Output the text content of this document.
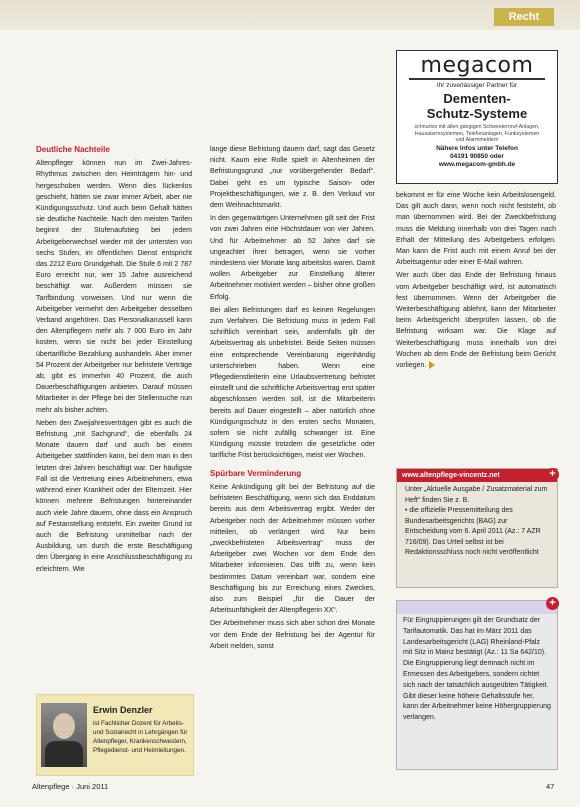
Recht
megacom
Ihr zuverlässiger Partner für
Dementen-
Schutz-Systeme
schnurlos mit allen gängigen Schwesternruf-Anlagen, Hausalarmsystemen, Telefonanlagen, Funksystemen und Alarmmeldern
Nähere Infos unter Telefon
04191 90850 oder
www.megacom-gmbh.de
Deutliche Nachteile

Altenpfleger können nun im Zwei-Jahres-Rhythmus zwischen den Heimträgern hin- und hergeschoben werden. Wenn dies lückenlos geschieht, hätten sie zwar immer Arbeit, aber nie Kündigungsschutz. Und auch beim Gehalt hätten sie deutliche Nachteile. Nach den meisten Tarifen beginnt der Stufenaufstieg bei jedem Arbeitgeberwechsel wieder mit der untersten von sechs Stufen, im öffentlichen Dienst entspricht das 2212 Euro Grundgehalt. Die Stufe 6 mit 2 787 Euro erreicht nur, wer 15 Jahre ausreichend beschäftigt war. Außerdem müssen sie Tarifbindung vorweisen. Und nur wenn die Arbeitgeber vermehrt den Arbeitgeber desselben Verband angehören. Das Personalkarussell kann den Altenpflegern mehr als 7 000 Euro im Jahr kosten, wenn sie nicht bei jeder Einstellung übertarifliche Bezahlung aushandeln. Aber immer 54 Prozent der Arbeitgeber nur befristete Verträge ab, gibt es immerhin 40 Prozent, die auch Dauerbeschäftigungen anbieten. Darauf müssen Mitarbeiter in der Pflege bei der Stellensuche nun mehr als bisher achten.

Neben den Zweijahresverträgen gibt es auch die Befristung „mit Sachgrund“, die ebenfalls 24 Monate dauern darf und auch bei einem Arbeitgeber stattfinden kann, bei dem man in den letzten drei Jahren beschäftigt war. Der häufigste Fall ist die Vertretung eines Arbeitnehmers, etwa während einer Krankheit oder der Elternzeit. Hier können mehrere Befristungen hintereinander auch viele Jahre dauern, ohne dass ein Anspruch auf Festanstellung entsteht. Ein zweiter Grund ist auch die Befristung unmittelbar nach der Ausbildung, um durch die erste Beschäftigung den Übergang in eine Anschlussbeschäftigung zu erleichtern. Wie

lange diese Befristung dauern darf, sagt das Gesetz nicht. Kaum eine Rolle spielt in Altenheimen der Befristungsgrund „nur vorübergehender Bedarf“. Dabei geht es um typische Saison- oder Projektbeschäftigungen, wie z. B. den Verkauf vor dem Weihnachtsmarkt.

In den gegenwärtigen Unternehmen gilt seit der Frist von zwei Jahren eine Höchstdauer von vier Jahren. Und für Arbeitnehmer ab 52 Jahre darf sie ungeachtet ihrer betragen, wenn sie vorher mindestens vier Monate lang arbeitslos waren. Damit wollen Arbeitgeber zur Einstellung älterer Arbeitnehmer motiviert werden – bisher ohne großen Erfolg.

Bei allen Befristungen darf es keinen Regelungen zum Verfahren. Die Befristung muss in jedem Fall schriftlich vereinbart sein, andernfalls gilt der Arbeitsvertrag als unbefristet. Beide Seiten müssen eine entsprechende Vereinbarung eigenhändig unterschrieben haben. Wenn eine Pflegedienstleiterin eine Urlaubsvertretung befristet einstellt und die schriftliche Arbeitsvertrag erst später abgeschlossen werden soll, ist die Mitarbeiterin bereits auf Dauer eingestellt – aber natürlich ohne Kündigungsschutz in den ersten sechs Monaten, sofern sie nicht zufällig schwanger ist. Eine Kündigung müsste trotzdem die gesetzliche oder tarifliche Frist berücksichtigen, meist vier Wochen.

Spürbare Verminderung

Keine Ankündigung gilt bei der Befristung auf die befristeten Beschäftigung, wenn sich das Enddatum bereits aus dem Arbeitsvertrag ergibt. Weder der Arbeitgeber noch der Arbeitnehmer müssen vorher mitteilen, ob verlängert wird. Nur beim „zweckbefristeten Arbeitsvertrag“ muss der Arbeitgeber zwei Wochen vor dem Ende den Mitarbeiter informieren. Das trifft zu, wenn kein bestimmtes Datum vereinbart war, sondern eine Beschäftigung bis zur Erreichung eines Zweckes, also zum Beispiel „für die Dauer der Arbeitsunfähigkeit der Altenpflegerin XX“.

Der Arbeitnehmer muss sich aber schon drei Monate vor dem Ende der Befristung bei der Agentur für Arbeit melden, sonst

bekommt er für eine Woche kein Arbeitslosengeld. Das gilt auch dann, wenn noch nicht feststeht, ob man übernommen wird. Bei der Zweckbefristung muss die Meldung innerhalb von drei Tagen nach Erhalt der Mitteilung des Arbeitgebers erfolgen. Man kann die Frist auch mit einem Anruf bei der Arbeitsagentur oder einer E-Mail wahren.

Wer auch über das Ende der Befristung hinaus vom Arbeitgeber beschäftigt wird, ist automatisch fest übernommen. Wenn der Arbeitgeber die Weiterbeschäftigung ablehnt, kann der Mitarbeiter beim Arbeitsgericht überprüfen lassen, ob die Befristung wirksam war. Die Klage auf Weiterbeschäftigung muss innerhalb von drei Wochen ab dem Ende der Befristung beim Gericht vorliegen.

www.altenpflege-vincentz.net
Unter „Aktuelle Ausgabe / Zusatzmaterial zum Heft“ finden Sie z. B.
• die offizielle Pressemitteilung des Bundesarbeitsgerichts (BAG) zur Entscheidung vom 6. April 2011 (Az.: 7 AZR 716/09). Das Urteil selbst ist bei Redaktionsschluss noch nicht veröffentlicht
+
Für Eingruppierungen gilt der Grundsatz der Tarifautomatik. Das hat im März 2011 das Landesarbeitsgericht (LAG) Rheinland-Pfalz mit Sitz in Mainz bestätigt (Az.: 11 Sa 642/10). Die Eingruppierung liegt demnach nicht im Ermessen des Arbeitgebers, sondern richtet sich nach der tatsächlich ausgeübten Tätigkeit. Gibt dieser keine höhere Gehaltsstufe her, kann der Arbeitnehmer keine Höhergruppierung verlangen.
+
Erwin Denzler
ist Fachlicher Dozent für Arbeits- und Sozialrecht in Lehrgängen für Altenpfleger, Krankenschwestern, Pflegedienst- und Heimleitungen.
Altenpflege · Juni 2011	47
